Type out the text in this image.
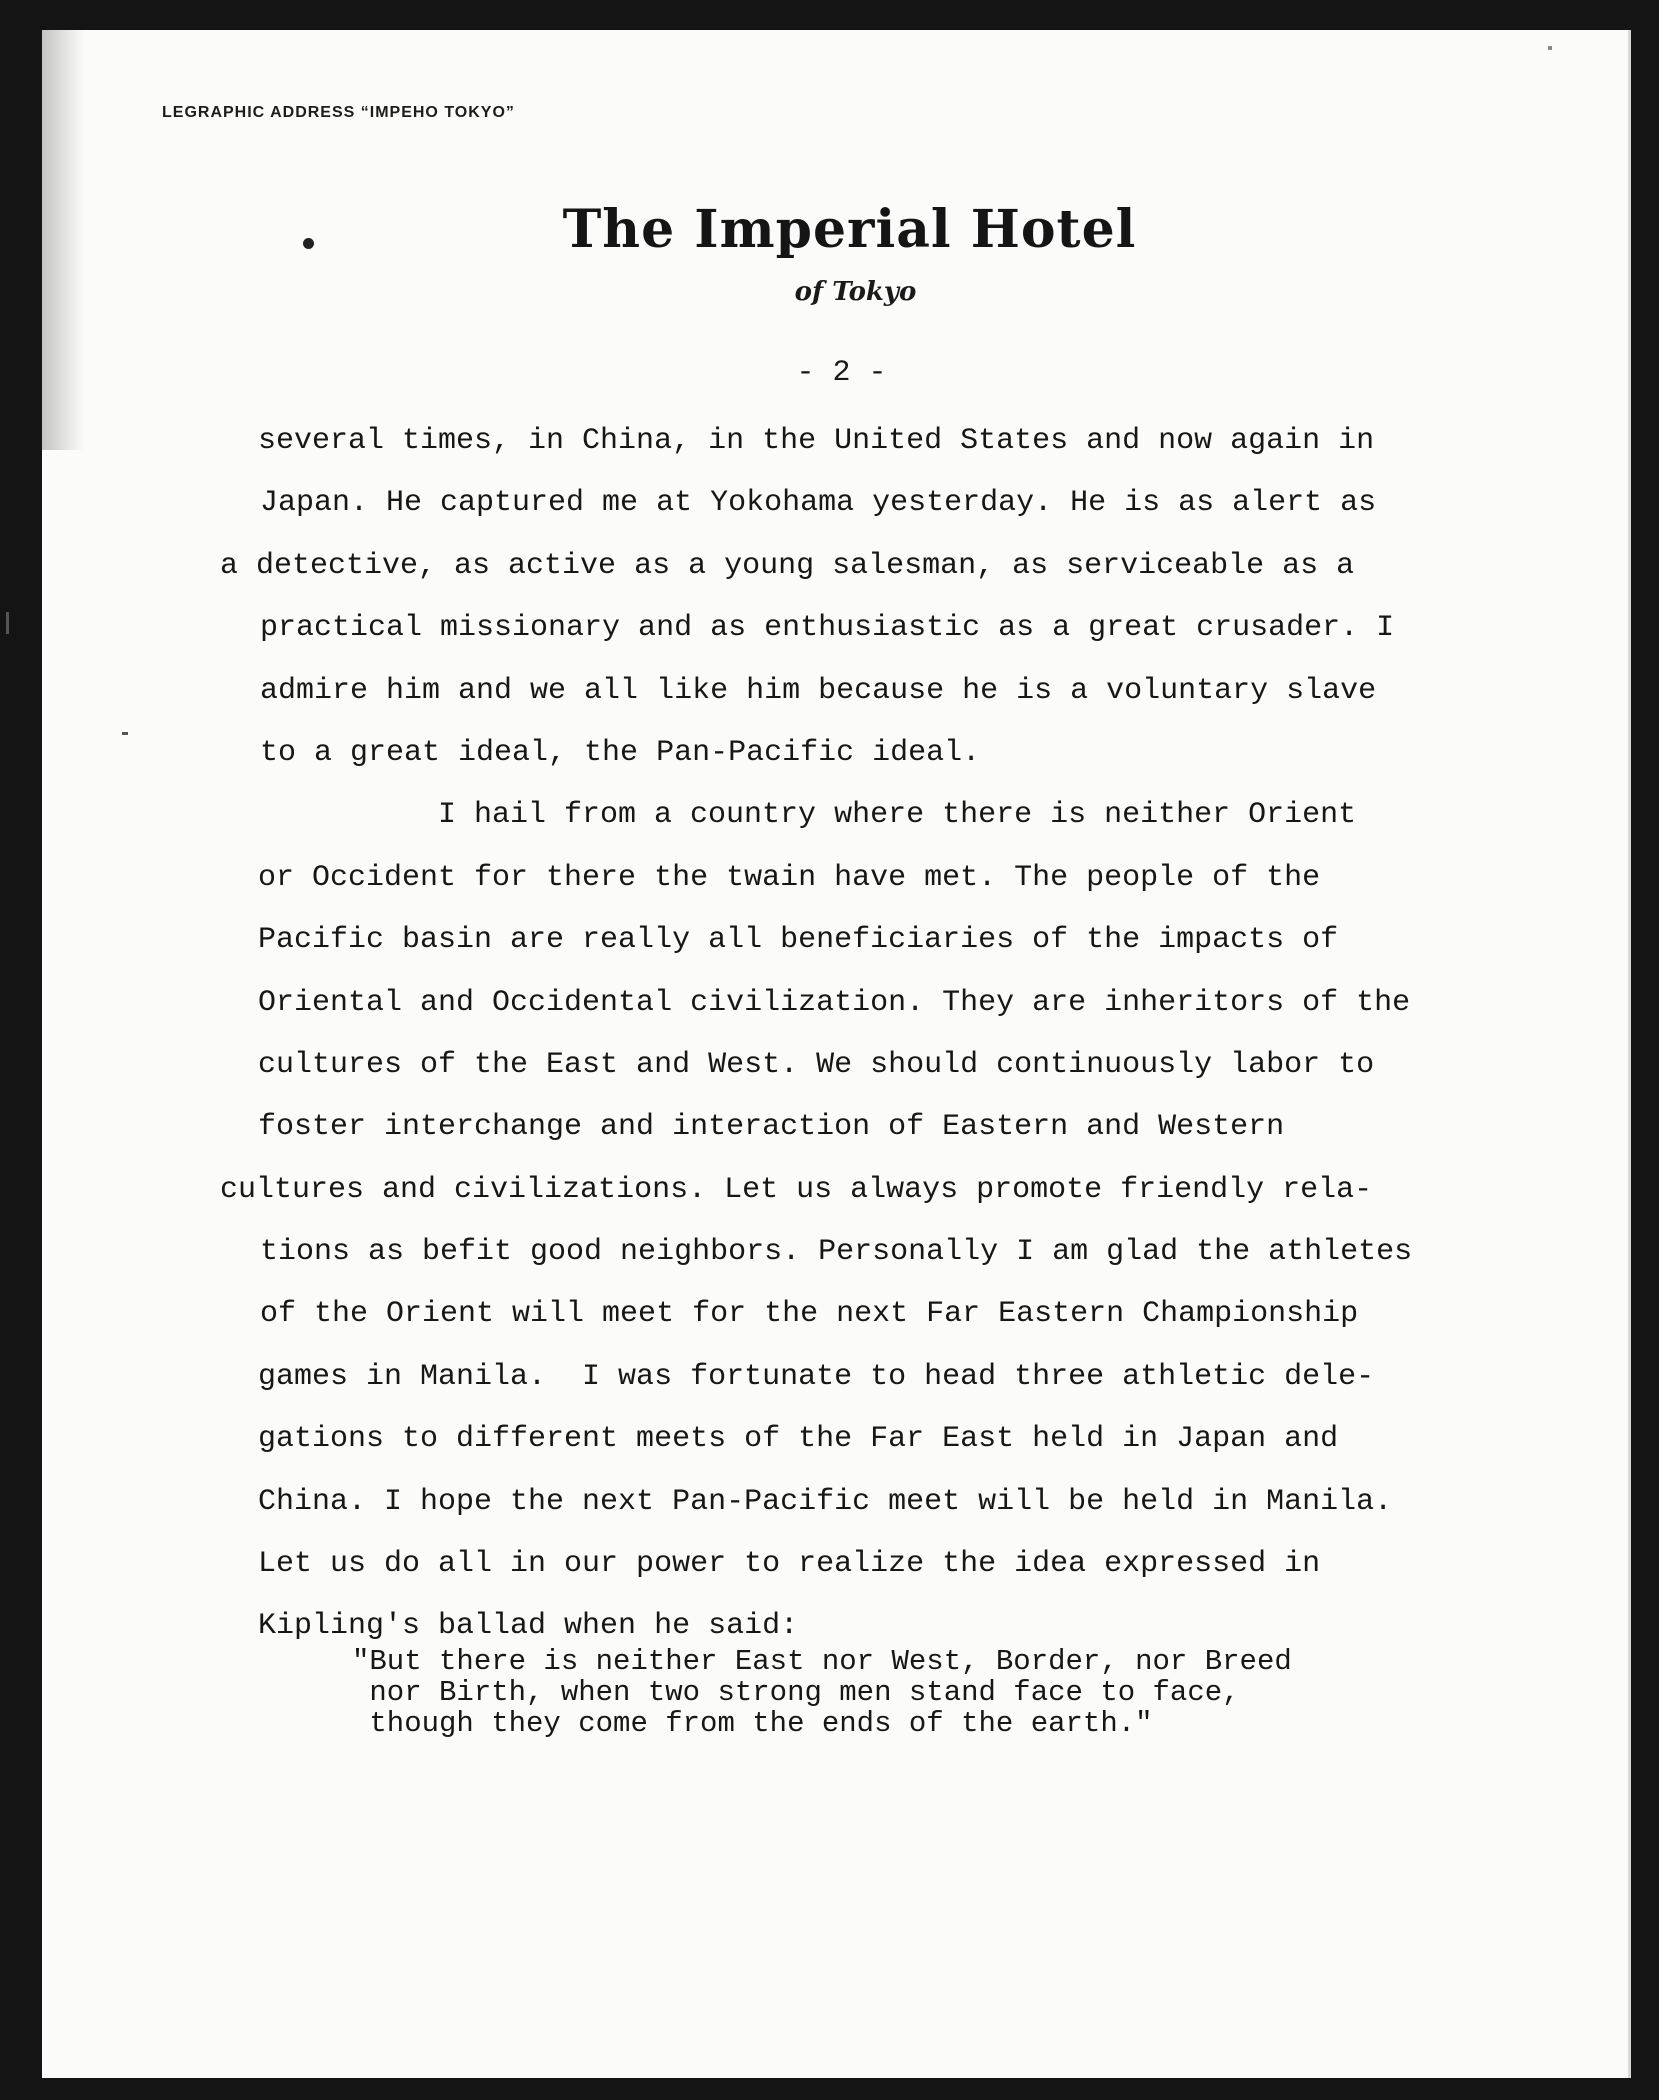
LEGRAPHIC ADDRESS “IMPEHO TOKYO”
The Imperial Hotel
of Tokyo
- 2 -
several times, in China, in the United States and now again in
Japan. He captured me at Yokohama yesterday. He is as alert as
a detective, as active as a young salesman, as serviceable as a
practical missionary and as enthusiastic as a great crusader. I
admire him and we all like him because he is a voluntary slave
to a great ideal, the Pan-Pacific ideal.
I hail from a country where there is neither Orient
or Occident for there the twain have met. The people of the
Pacific basin are really all beneficiaries of the impacts of
Oriental and Occidental civilization. They are inheritors of the
cultures of the East and West. We should continuously labor to
foster interchange and interaction of Eastern and Western
cultures and civilizations. Let us always promote friendly rela-
tions as befit good neighbors. Personally I am glad the athletes
of the Orient will meet for the next Far Eastern Championship
games in Manila.  I was fortunate to head three athletic dele-
gations to different meets of the Far East held in Japan and
China. I hope the next Pan-Pacific meet will be held in Manila.
Let us do all in our power to realize the idea expressed in
Kipling's ballad when he said:
"But there is neither East nor West, Border, nor Breed
nor Birth, when two strong men stand face to face,
though they come from the ends of the earth."
